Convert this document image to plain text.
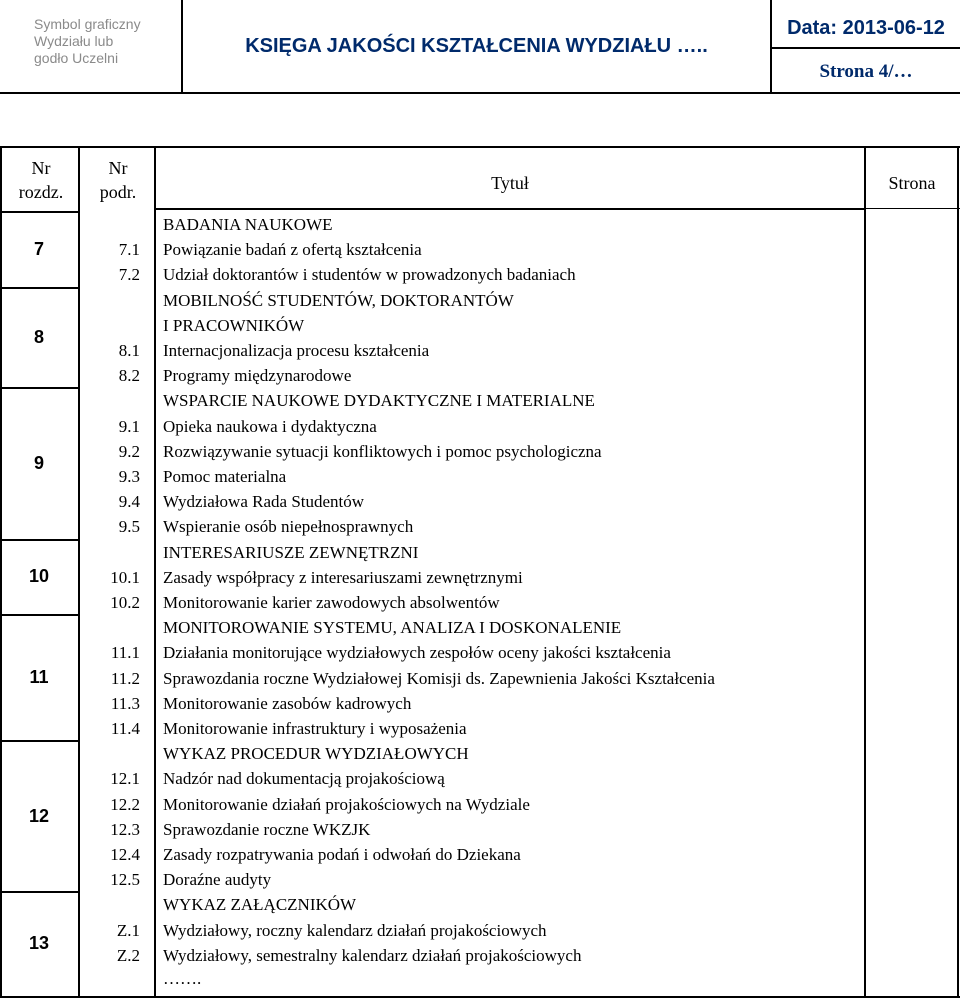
Symbol graficzny
Wydziału lub
godło Uczelni
KSIĘGA JAKOŚCI KSZTAŁCENIA WYDZIAŁU …..
Data: 2013-06-12
Strona 4/…
Nr
rozdz.
Nr
podr.	Tytuł	Strona
BADANIA NAUKOWE
7.1 Powiązanie badań z ofertą kształcenia
7.2 Udział doktorantów i studentów w prowadzonych badaniach
7
MOBILNOŚĆ STUDENTÓW, DOKTORANTÓW
I PRACOWNIKÓW
8.1 Internacjonalizacja procesu kształcenia
8.2 Programy międzynarodowe
8
WSPARCIE NAUKOWE DYDAKTYCZNE I MATERIALNE
9.1 Opieka naukowa i dydaktyczna
9.2 Rozwiązywanie sytuacji konfliktowych i pomoc psychologiczna
9.3 Pomoc materialna
9.4 Wydziałowa Rada Studentów
9.5 Wspieranie osób niepełnosprawnych
9
INTERESARIUSZE ZEWNĘTRZNI
10.1 Zasady współpracy z interesariuszami zewnętrznymi
10.2 Monitorowanie karier zawodowych absolwentów
10
MONITOROWANIE SYSTEMU, ANALIZA I DOSKONALENIE
11.1 Działania monitorujące wydziałowych zespołów oceny jakości kształcenia
11.2 Sprawozdania roczne Wydziałowej Komisji ds. Zapewnienia Jakości Kształcenia
11.3 Monitorowanie zasobów kadrowych
11.4 Monitorowanie infrastruktury i wyposażenia
11
WYKAZ PROCEDUR WYDZIAŁOWYCH
12.1 Nadzór nad dokumentacją projakościową
12.2 Monitorowanie działań projakościowych na Wydziale
12.3 Sprawozdanie roczne WKZJK
12.4 Zasady rozpatrywania podań i odwołań do Dziekana
12.5 Doraźne audyty
12
WYKAZ ZAŁĄCZNIKÓW
Z.1 Wydziałowy, roczny kalendarz działań projakościowych
Z.2 Wydziałowy, semestralny kalendarz działań projakościowych
…….
13
